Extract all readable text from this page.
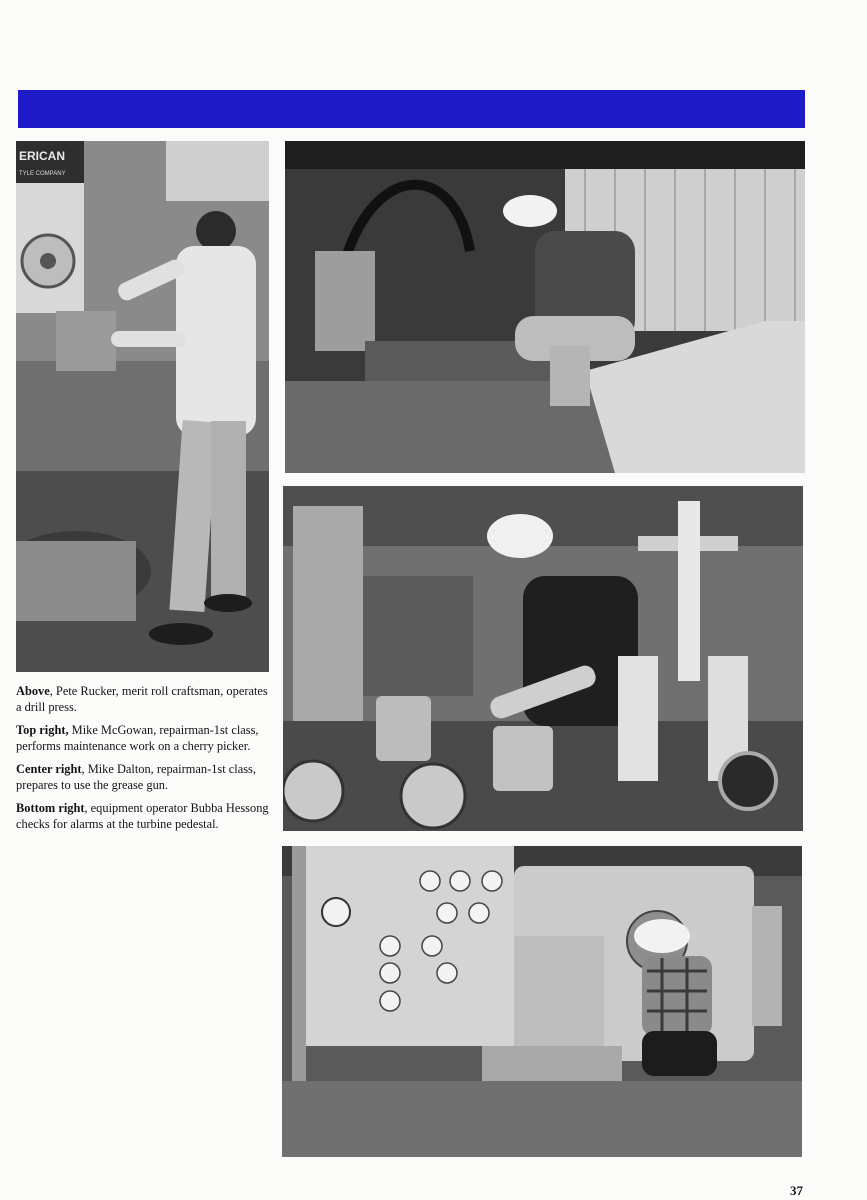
ERICAN
TYLE COMPANY

Above, Pete Rucker, merit roll craftsman, operates a drill press.

Top right, Mike McGowan, repairman-1st class, performs maintenance work on a cherry picker.

Center right, Mike Dalton, repairman-1st class, prepares to use the grease gun.

Bottom right, equipment operator Bubba Hessong checks for alarms at the turbine pedestal.

37
